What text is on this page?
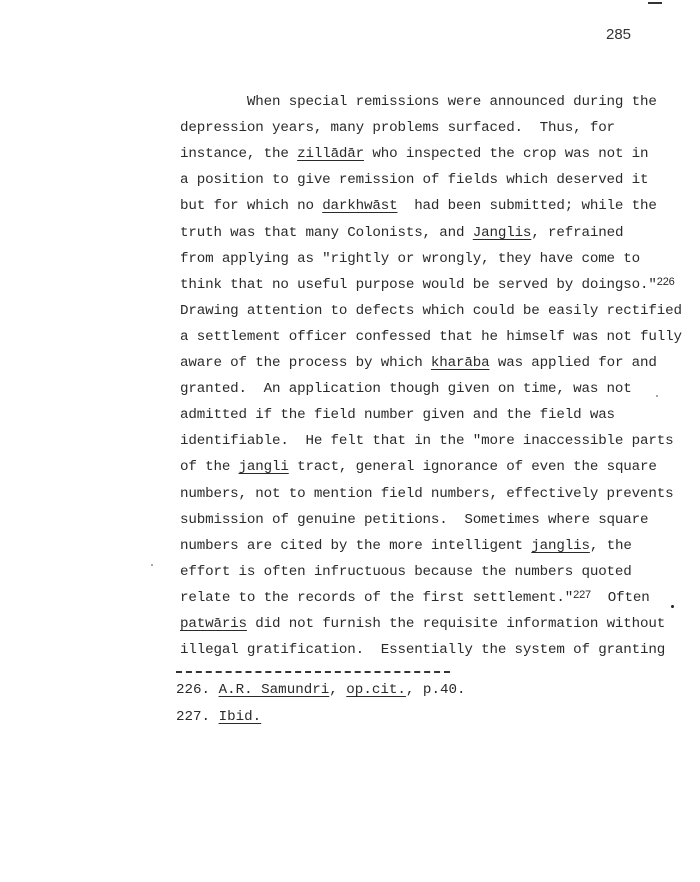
285
When special remissions were announced during the
depression years, many problems surfaced.  Thus, for
instance, the zillādār who inspected the crop was not in
a position to give remission of fields which deserved it
but for which no darkhwāst  had been submitted; while the
truth was that many Colonists, and Janglis, refrained
from applying as "rightly or wrongly, they have come to
think that no useful purpose would be served by doingso."$^{226}$
Drawing attention to defects which could be easily rectified
a settlement officer confessed that he himself was not fully
aware of the process by which kharāba was applied for and
granted.  An application though given on time, was not
admitted if the field number given and the field was
identifiable.  He felt that in the "more inaccessible parts
of the jangli tract, general ignorance of even the square
numbers, not to mention field numbers, effectively prevents
submission of genuine petitions.  Sometimes where square
numbers are cited by the more intelligent janglis, the
effort is often infructuous because the numbers quoted
relate to the records of the first settlement."$^{227}$  Often
patwāris did not furnish the requisite information without
illegal gratification.  Essentially the system of granting
226. A.R. Samundri, op.cit., p.40.
227. Ibid.
